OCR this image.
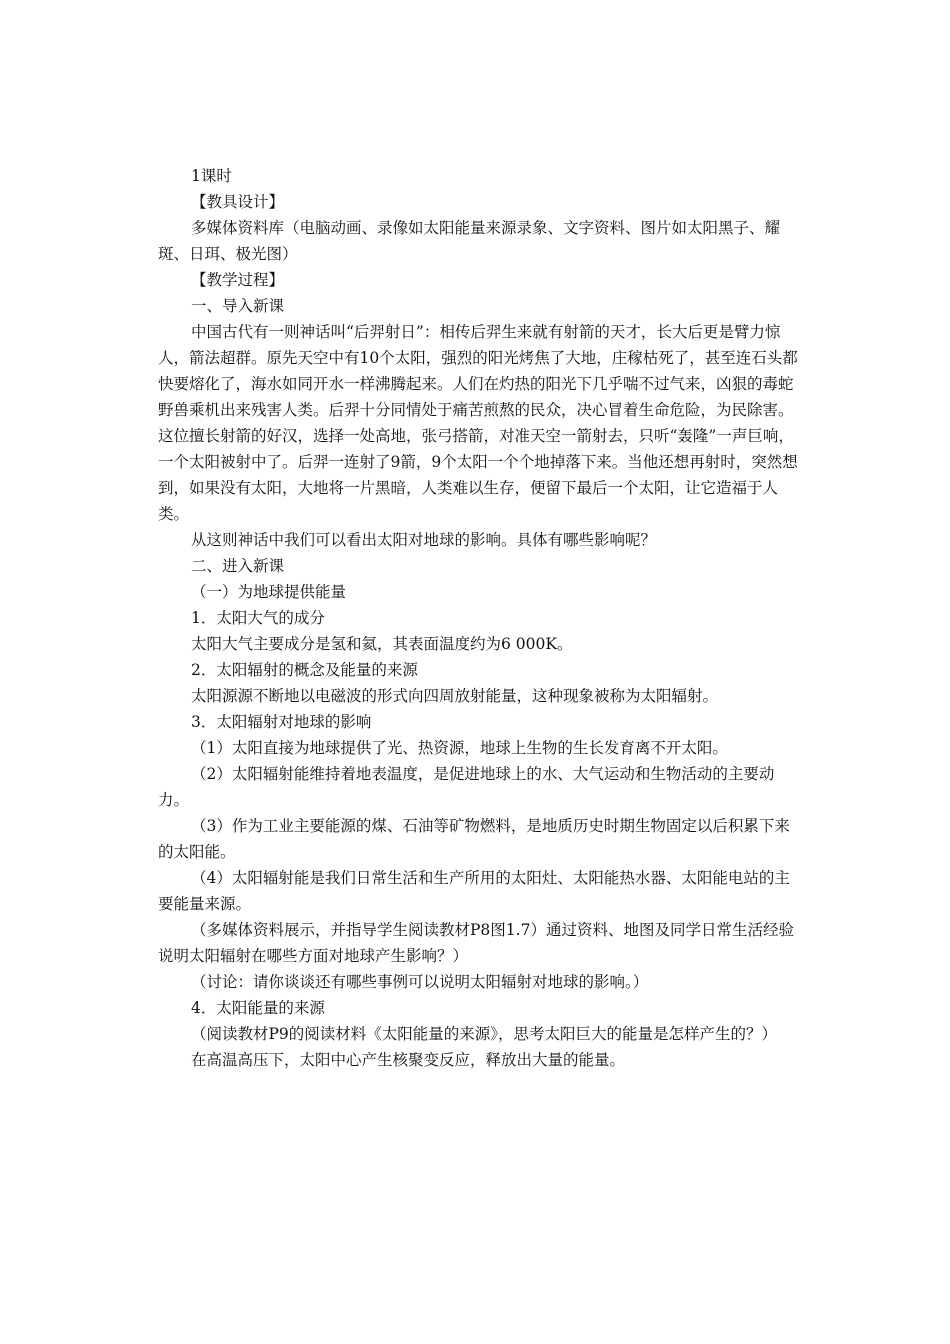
1课时

【教具设计】

多媒体资料库（电脑动画、录像如太阳能量来源录象、文字资料、图片如太阳黑子、耀斑、日珥、极光图）

【教学过程】

一、导入新课

中国古代有一则神话叫“后羿射日”：相传后羿生来就有射箭的天才，长大后更是臂力惊人，箭法超群。原先天空中有10个太阳，强烈的阳光烤焦了大地，庄稼枯死了，甚至连石头都快要熔化了，海水如同开水一样沸腾起来。人们在灼热的阳光下几乎喘不过气来，凶狠的毒蛇野兽乘机出来残害人类。后羿十分同情处于痛苦煎熬的民众，决心冒着生命危险，为民除害。这位擅长射箭的好汉，选择一处高地，张弓搭箭，对准天空一箭射去，只听“轰隆”一声巨响，一个太阳被射中了。后羿一连射了9箭，9个太阳一个个地掉落下来。当他还想再射时，突然想到，如果没有太阳，大地将一片黑暗，人类难以生存，便留下最后一个太阳，让它造福于人类。

从这则神话中我们可以看出太阳对地球的影响。具体有哪些影响呢？

二、进入新课

（一）为地球提供能量

1．太阳大气的成分

太阳大气主要成分是氢和氦，其表面温度约为6 000K。

2．太阳辐射的概念及能量的来源

太阳源源不断地以电磁波的形式向四周放射能量，这种现象被称为太阳辐射。

3．太阳辐射对地球的影响

（1）太阳直接为地球提供了光、热资源，地球上生物的生长发育离不开太阳。

（2）太阳辐射能维持着地表温度，是促进地球上的水、大气运动和生物活动的主要动力。

（3）作为工业主要能源的煤、石油等矿物燃料，是地质历史时期生物固定以后积累下来的太阳能。

（4）太阳辐射能是我们日常生活和生产所用的太阳灶、太阳能热水器、太阳能电站的主要能量来源。

（多媒体资料展示，并指导学生阅读教材P8图1.7）通过资料、地图及同学日常生活经验说明太阳辐射在哪些方面对地球产生影响？）

（讨论：请你谈谈还有哪些事例可以说明太阳辐射对地球的影响。）

4．太阳能量的来源

（阅读教材P9的阅读材料《太阳能量的来源》，思考太阳巨大的能量是怎样产生的？）

在高温高压下，太阳中心产生核聚变反应，释放出大量的能量。
